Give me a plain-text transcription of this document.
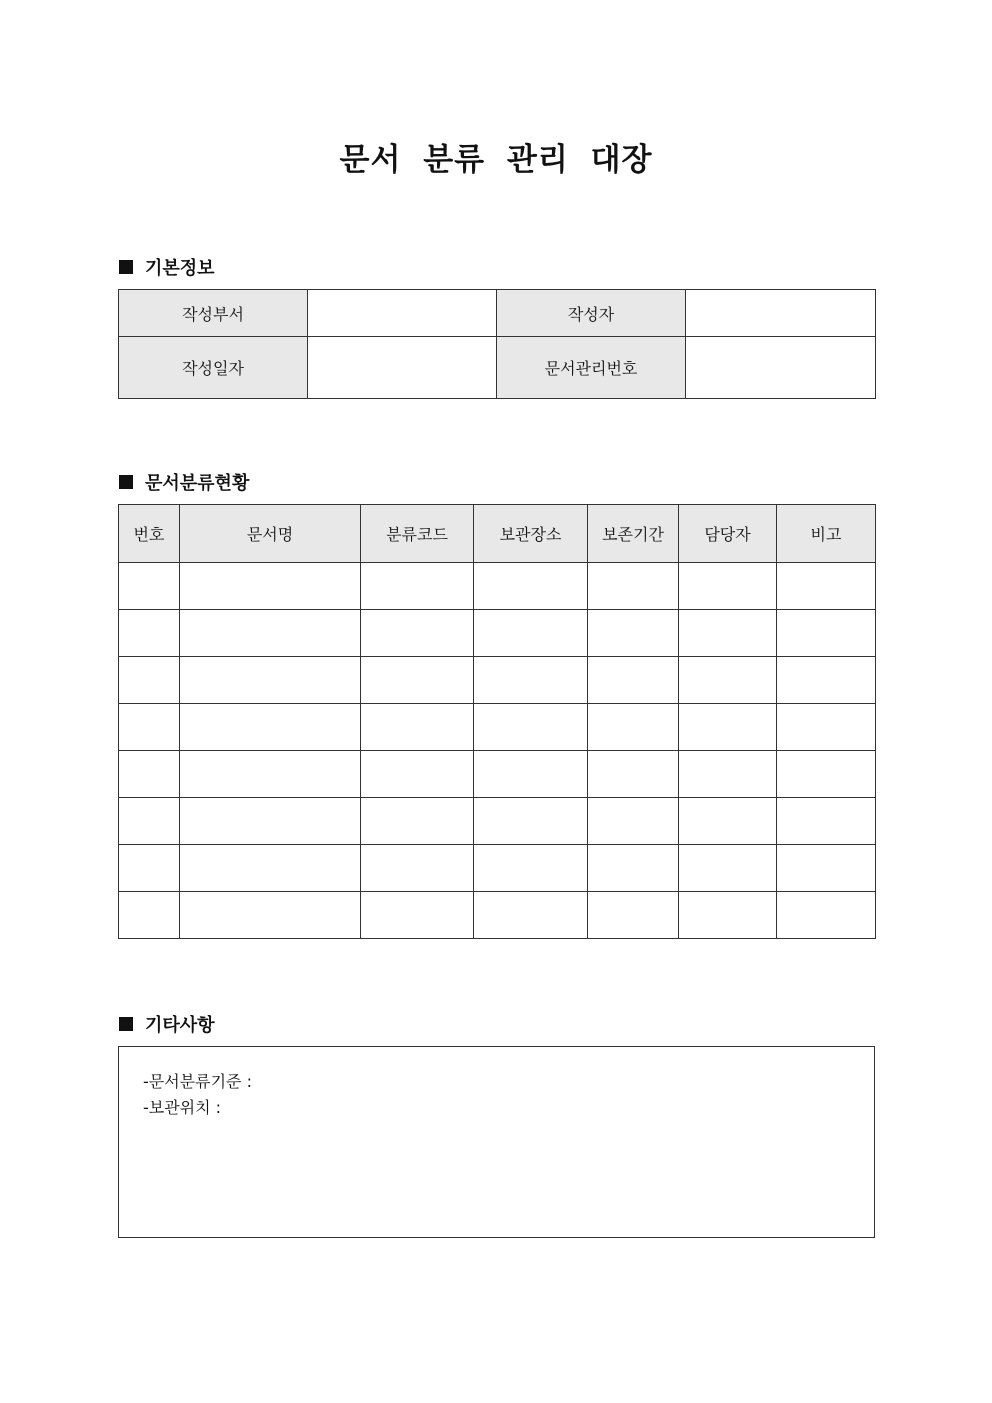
문서 분류 관리 대장
기본정보
작성부서		작성자	
작성일자		문서관리번호	
문서분류현황
번호	문서명	분류코드	보관장소	보존기간	담당자	비고

기타사항
-문서분류기준 :
-보관위치 :
